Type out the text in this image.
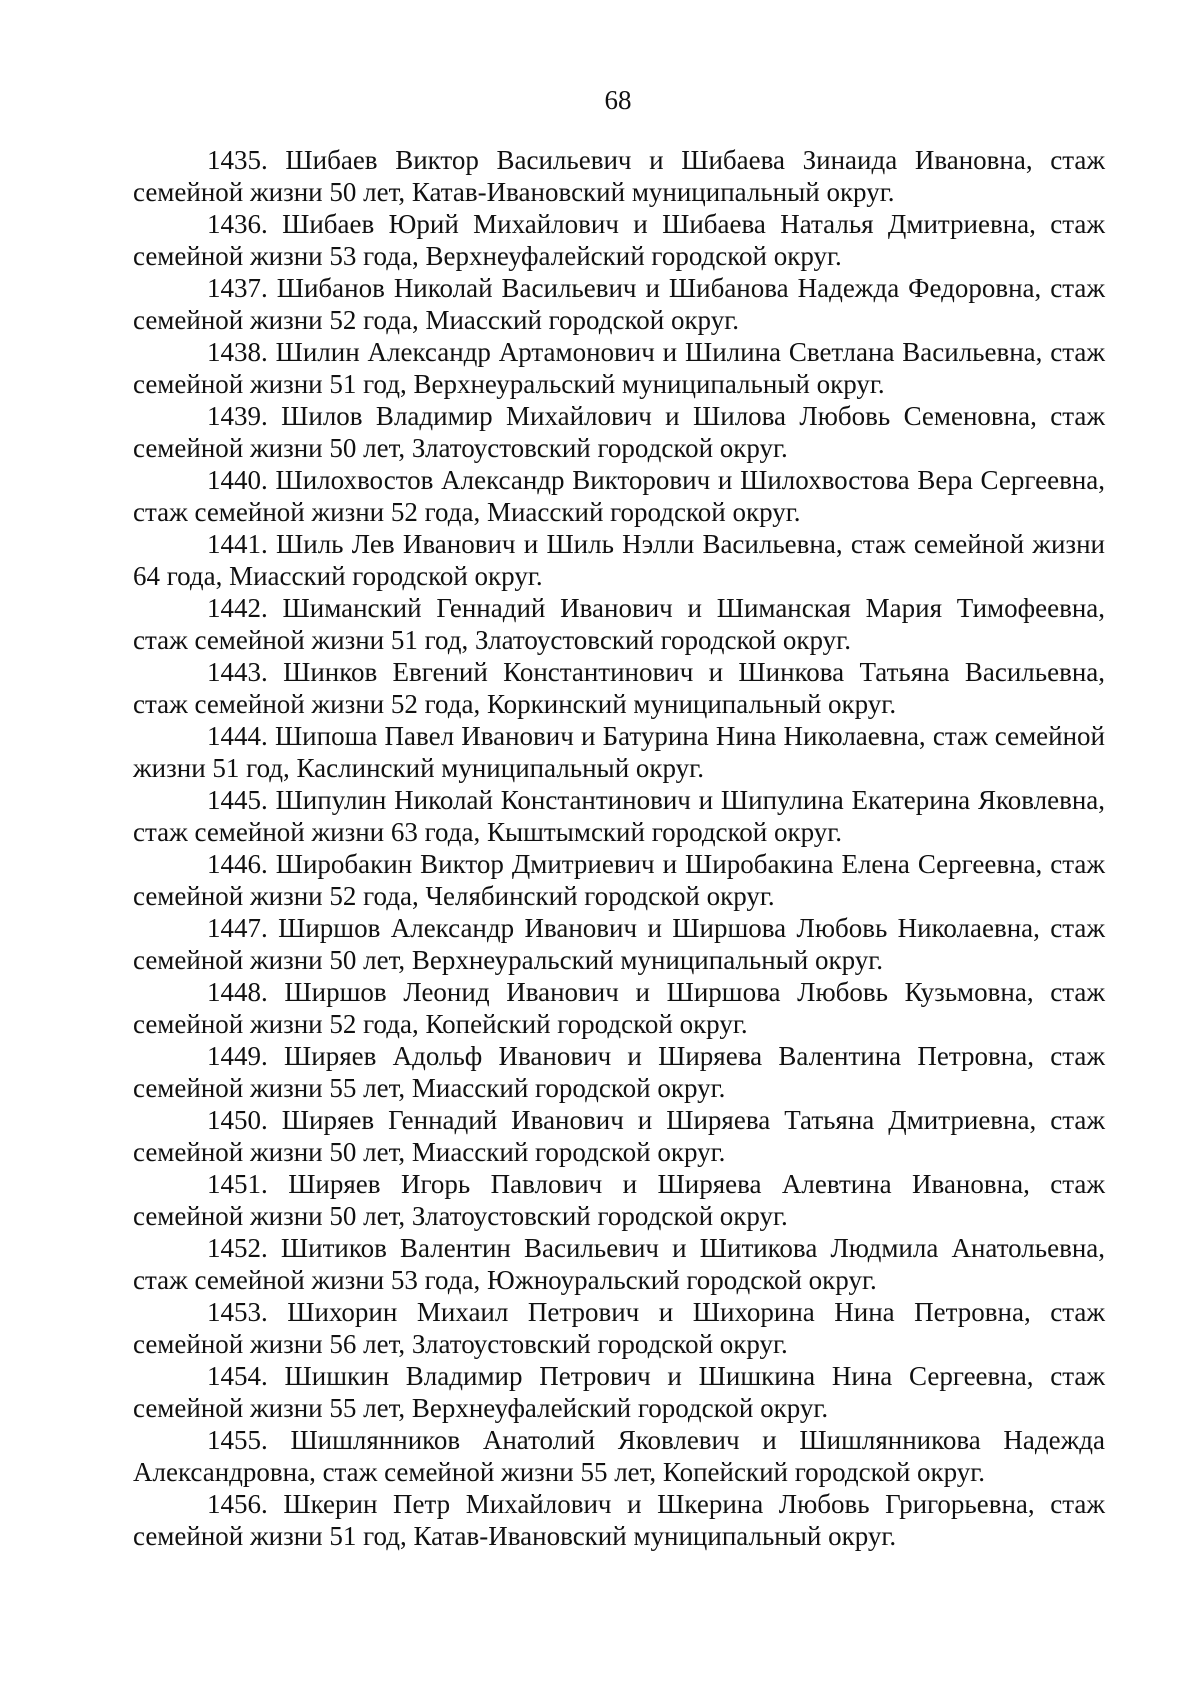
68

1435. Шибаев Виктор Васильевич и Шибаева Зинаида Ивановна, стаж семейной жизни 50 лет, Катав-Ивановский муниципальный округ.

1436. Шибаев Юрий Михайлович и Шибаева Наталья Дмитриевна, стаж семейной жизни 53 года, Верхнеуфалейский городской округ.

1437. Шибанов Николай Васильевич и Шибанова Надежда Федоровна, стаж семейной жизни 52 года, Миасский городской округ.

1438. Шилин Александр Артамонович и Шилина Светлана Васильевна, стаж семейной жизни 51 год, Верхнеуральский муниципальный округ.

1439. Шилов Владимир Михайлович и Шилова Любовь Семеновна, стаж семейной жизни 50 лет, Златоустовский городской округ.

1440. Шилохвостов Александр Викторович и Шилохвостова Вера Сергеевна, стаж семейной жизни 52 года, Миасский городской округ.

1441. Шиль Лев Иванович и Шиль Нэлли Васильевна, стаж семейной жизни 64 года, Миасский городской округ.

1442. Шиманский Геннадий Иванович и Шиманская Мария Тимофеевна, стаж семейной жизни 51 год, Златоустовский городской округ.

1443. Шинков Евгений Константинович и Шинкова Татьяна Васильевна, стаж семейной жизни 52 года, Коркинский муниципальный округ.

1444. Шипоша Павел Иванович и Батурина Нина Николаевна, стаж семейной жизни 51 год, Каслинский муниципальный округ.

1445. Шипулин Николай Константинович и Шипулина Екатерина Яковлевна, стаж семейной жизни 63 года, Кыштымский городской округ.

1446. Широбакин Виктор Дмитриевич и Широбакина Елена Сергеевна, стаж семейной жизни 52 года, Челябинский городской округ.

1447. Ширшов Александр Иванович и Ширшова Любовь Николаевна, стаж семейной жизни 50 лет, Верхнеуральский муниципальный округ.

1448. Ширшов Леонид Иванович и Ширшова Любовь Кузьмовна, стаж семейной жизни 52 года, Копейский городской округ.

1449. Ширяев Адольф Иванович и Ширяева Валентина Петровна, стаж семейной жизни 55 лет, Миасский городской округ.

1450. Ширяев Геннадий Иванович и Ширяева Татьяна Дмитриевна, стаж семейной жизни 50 лет, Миасский городской округ.

1451. Ширяев Игорь Павлович и Ширяева Алевтина Ивановна, стаж семейной жизни 50 лет, Златоустовский городской округ.

1452. Шитиков Валентин Васильевич и Шитикова Людмила Анатольевна, стаж семейной жизни 53 года, Южноуральский городской округ.

1453. Шихорин Михаил Петрович и Шихорина Нина Петровна, стаж семейной жизни 56 лет, Златоустовский городской округ.

1454. Шишкин Владимир Петрович и Шишкина Нина Сергеевна, стаж семейной жизни 55 лет, Верхнеуфалейский городской округ.

1455. Шишлянников Анатолий Яковлевич и Шишлянникова Надежда Александровна, стаж семейной жизни 55 лет, Копейский городской округ.

1456. Шкерин Петр Михайлович и Шкерина Любовь Григорьевна, стаж семейной жизни 51 год, Катав-Ивановский муниципальный округ.
